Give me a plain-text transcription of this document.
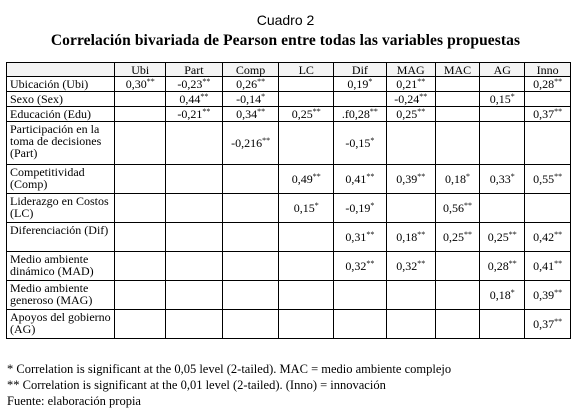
Cuadro 2
Correlación bivariada de Pearson entre todas las variables propuestas
	Ubi	Part	Comp	LC	Dif	MAG	MAC	AG	Inno
Ubicación (Ubi)	0,30**	-0,23**	0,26**		0,19*	0,21**			0,28**
Sexo (Sex)		0,44**	-0,14*			-0,24**		0,15*	
Educación (Edu)		-0,21**	0,34**	0,25**	.f0,28**	0,25**			0,37**
Participación en la toma de decisiones (Part)			-0,216**		-0,15*				
Competitividad (Comp)				0,49**	0,41**	0,39**	0,18*	0,33*	0,55**
Liderazgo en Costos (LC)				0,15*	-0,19*		0,56**		
Diferenciación (Dif)					0,31**	0,18**	0,25**	0,25**	0,42**
Medio ambiente dinámico (MAD)					0,32**	0,32**		0,28**	0,41**
Medio ambiente generoso (MAG)								0,18*	0,39**
Apoyos del gobierno (AG)									0,37**
* Correlation is significant at the 0,05 level (2-tailed). MAC = medio ambiente complejo
** Correlation is significant at the 0,01 level (2-tailed). (Inno) = innovación
Fuente: elaboración propia
